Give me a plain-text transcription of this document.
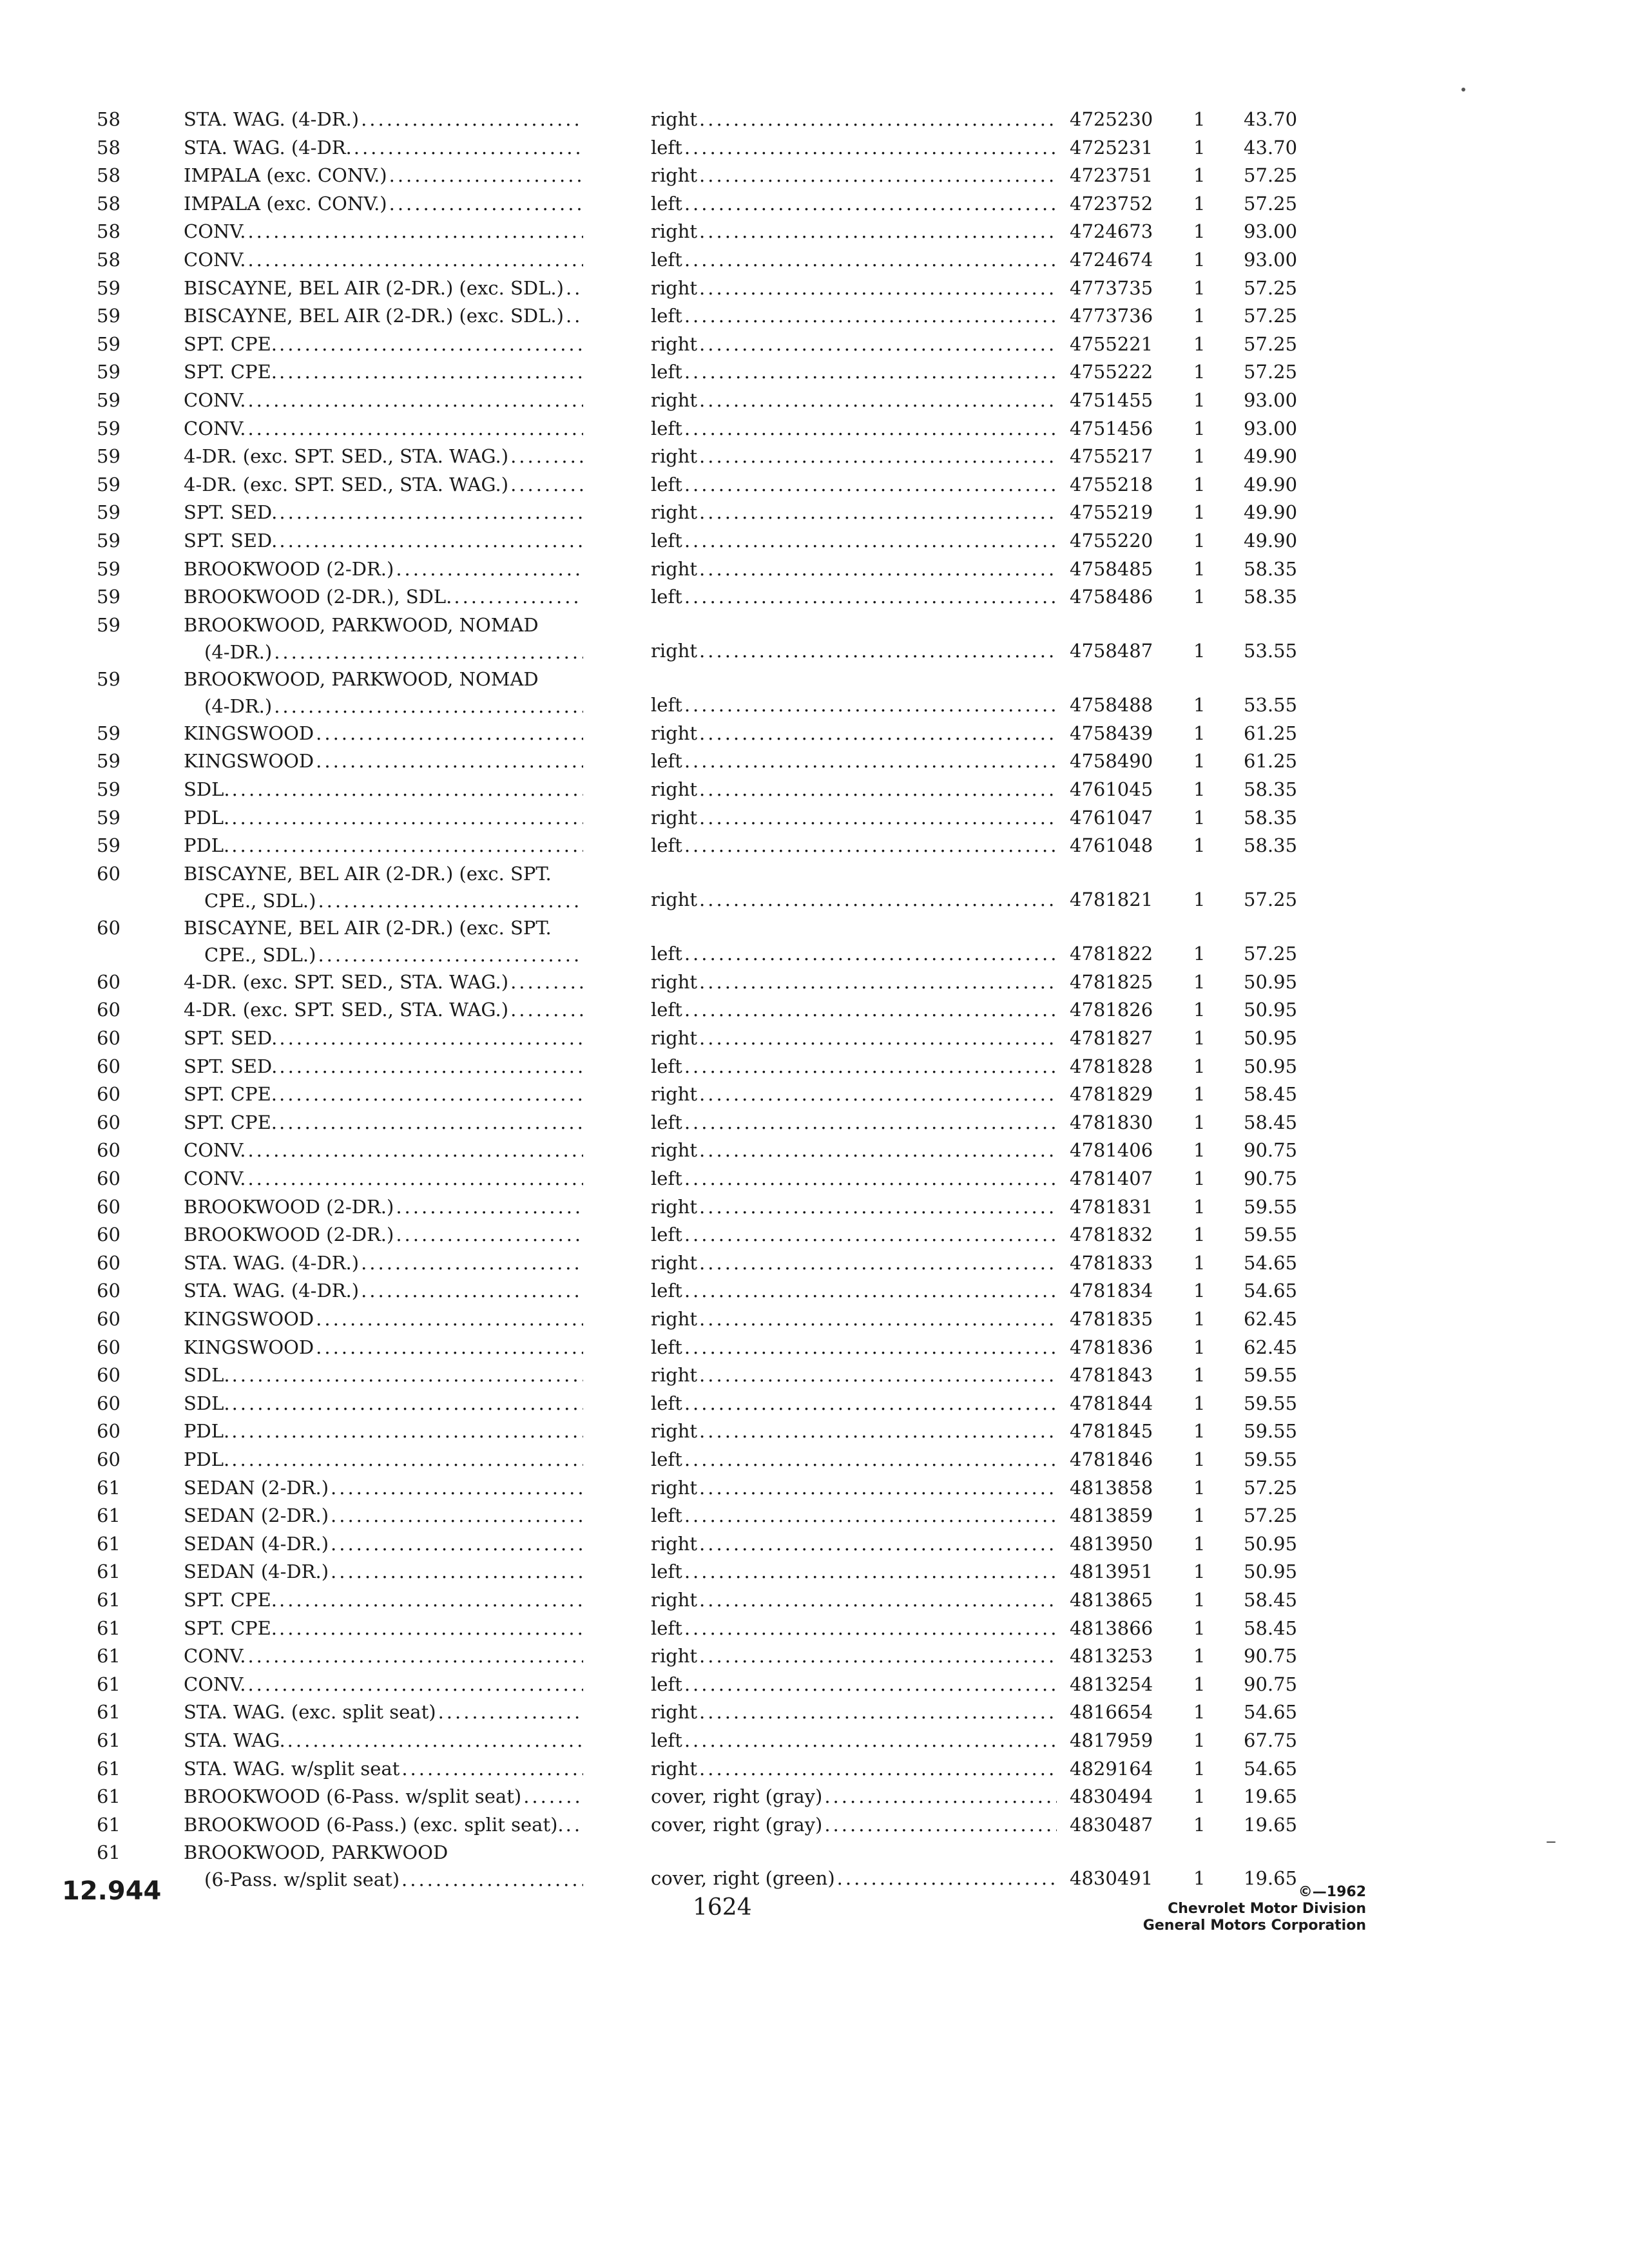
58	STA. WAG. (4-DR.) .....	right .....	4725230	1	43.70
58	STA. WAG. (4-DR. .....	left .....	4725231	1	43.70
58	IMPALA (exc. CONV.) .....	right .....	4723751	1	57.25
58	IMPALA (exc. CONV.) .....	left .....	4723752	1	57.25
58	CONV. .....	right .....	4724673	1	93.00
58	CONV. .....	left .....	4724674	1	93.00
59	BISCAYNE, BEL AIR (2-DR.) (exc. SDL.) .....	right .....	4773735	1	57.25
59	BISCAYNE, BEL AIR (2-DR.) (exc. SDL.) .....	left .....	4773736	1	57.25
59	SPT. CPE. .....	right .....	4755221	1	57.25
59	SPT. CPE. .....	left .....	4755222	1	57.25
59	CONV. .....	right .....	4751455	1	93.00
59	CONV. .....	left .....	4751456	1	93.00
59	4-DR. (exc. SPT. SED., STA. WAG.) .....	right .....	4755217	1	49.90
59	4-DR. (exc. SPT. SED., STA. WAG.) .....	left .....	4755218	1	49.90
59	SPT. SED. .....	right .....	4755219	1	49.90
59	SPT. SED. .....	left .....	4755220	1	49.90
59	BROOKWOOD (2-DR.) .....	right .....	4758485	1	58.35
59	BROOKWOOD (2-DR.), SDL. .....	left .....	4758486	1	58.35
59	BROOKWOOD, PARKWOOD, NOMAD
(4-DR.) .....	right .....	4758487	1	53.55
59	BROOKWOOD, PARKWOOD, NOMAD
(4-DR.) .....	left .....	4758488	1	53.55
59	KINGSWOOD .....	right .....	4758439	1	61.25
59	KINGSWOOD .....	left .....	4758490	1	61.25
59	SDL. .....	right .....	4761045	1	58.35
59	PDL. .....	right .....	4761047	1	58.35
59	PDL. .....	left .....	4761048	1	58.35
60	BISCAYNE, BEL AIR (2-DR.) (exc. SPT.
CPE., SDL.) .....	right .....	4781821	1	57.25
60	BISCAYNE, BEL AIR (2-DR.) (exc. SPT.
CPE., SDL.) .....	left .....	4781822	1	57.25
60	4-DR. (exc. SPT. SED., STA. WAG.) .....	right .....	4781825	1	50.95
60	4-DR. (exc. SPT. SED., STA. WAG.) .....	left .....	4781826	1	50.95
60	SPT. SED. .....	right .....	4781827	1	50.95
60	SPT. SED. .....	left .....	4781828	1	50.95
60	SPT. CPE. .....	right .....	4781829	1	58.45
60	SPT. CPE. .....	left .....	4781830	1	58.45
60	CONV. .....	right .....	4781406	1	90.75
60	CONV. .....	left .....	4781407	1	90.75
60	BROOKWOOD (2-DR.) .....	right .....	4781831	1	59.55
60	BROOKWOOD (2-DR.) .....	left .....	4781832	1	59.55
60	STA. WAG. (4-DR.) .....	right .....	4781833	1	54.65
60	STA. WAG. (4-DR.) .....	left .....	4781834	1	54.65
60	KINGSWOOD .....	right .....	4781835	1	62.45
60	KINGSWOOD .....	left .....	4781836	1	62.45
60	SDL. .....	right .....	4781843	1	59.55
60	SDL. .....	left .....	4781844	1	59.55
60	PDL. .....	right .....	4781845	1	59.55
60	PDL. .....	left .....	4781846	1	59.55
61	SEDAN (2-DR.) .....	right .....	4813858	1	57.25
61	SEDAN (2-DR.) .....	left .....	4813859	1	57.25
61	SEDAN (4-DR.) .....	right .....	4813950	1	50.95
61	SEDAN (4-DR.) .....	left .....	4813951	1	50.95
61	SPT. CPE. .....	right .....	4813865	1	58.45
61	SPT. CPE. .....	left .....	4813866	1	58.45
61	CONV. .....	right .....	4813253	1	90.75
61	CONV. .....	left .....	4813254	1	90.75
61	STA. WAG. (exc. split seat) .....	right .....	4816654	1	54.65
61	STA. WAG. .....	left .....	4817959	1	67.75
61	STA. WAG. w/split seat .....	right .....	4829164	1	54.65
61	BROOKWOOD (6-Pass. w/split seat) .....	cover, right (gray) .....	4830494	1	19.65
61	BROOKWOOD (6-Pass.) (exc. split seat). .....	cover, right (gray) .....	4830487	1	19.65
61	BROOKWOOD, PARKWOOD
(6-Pass. w/split seat) .....	cover, right (green) .....	4830491	1	19.65
12.944
1624
©—1962
Chevrolet Motor Division
General Motors Corporation
